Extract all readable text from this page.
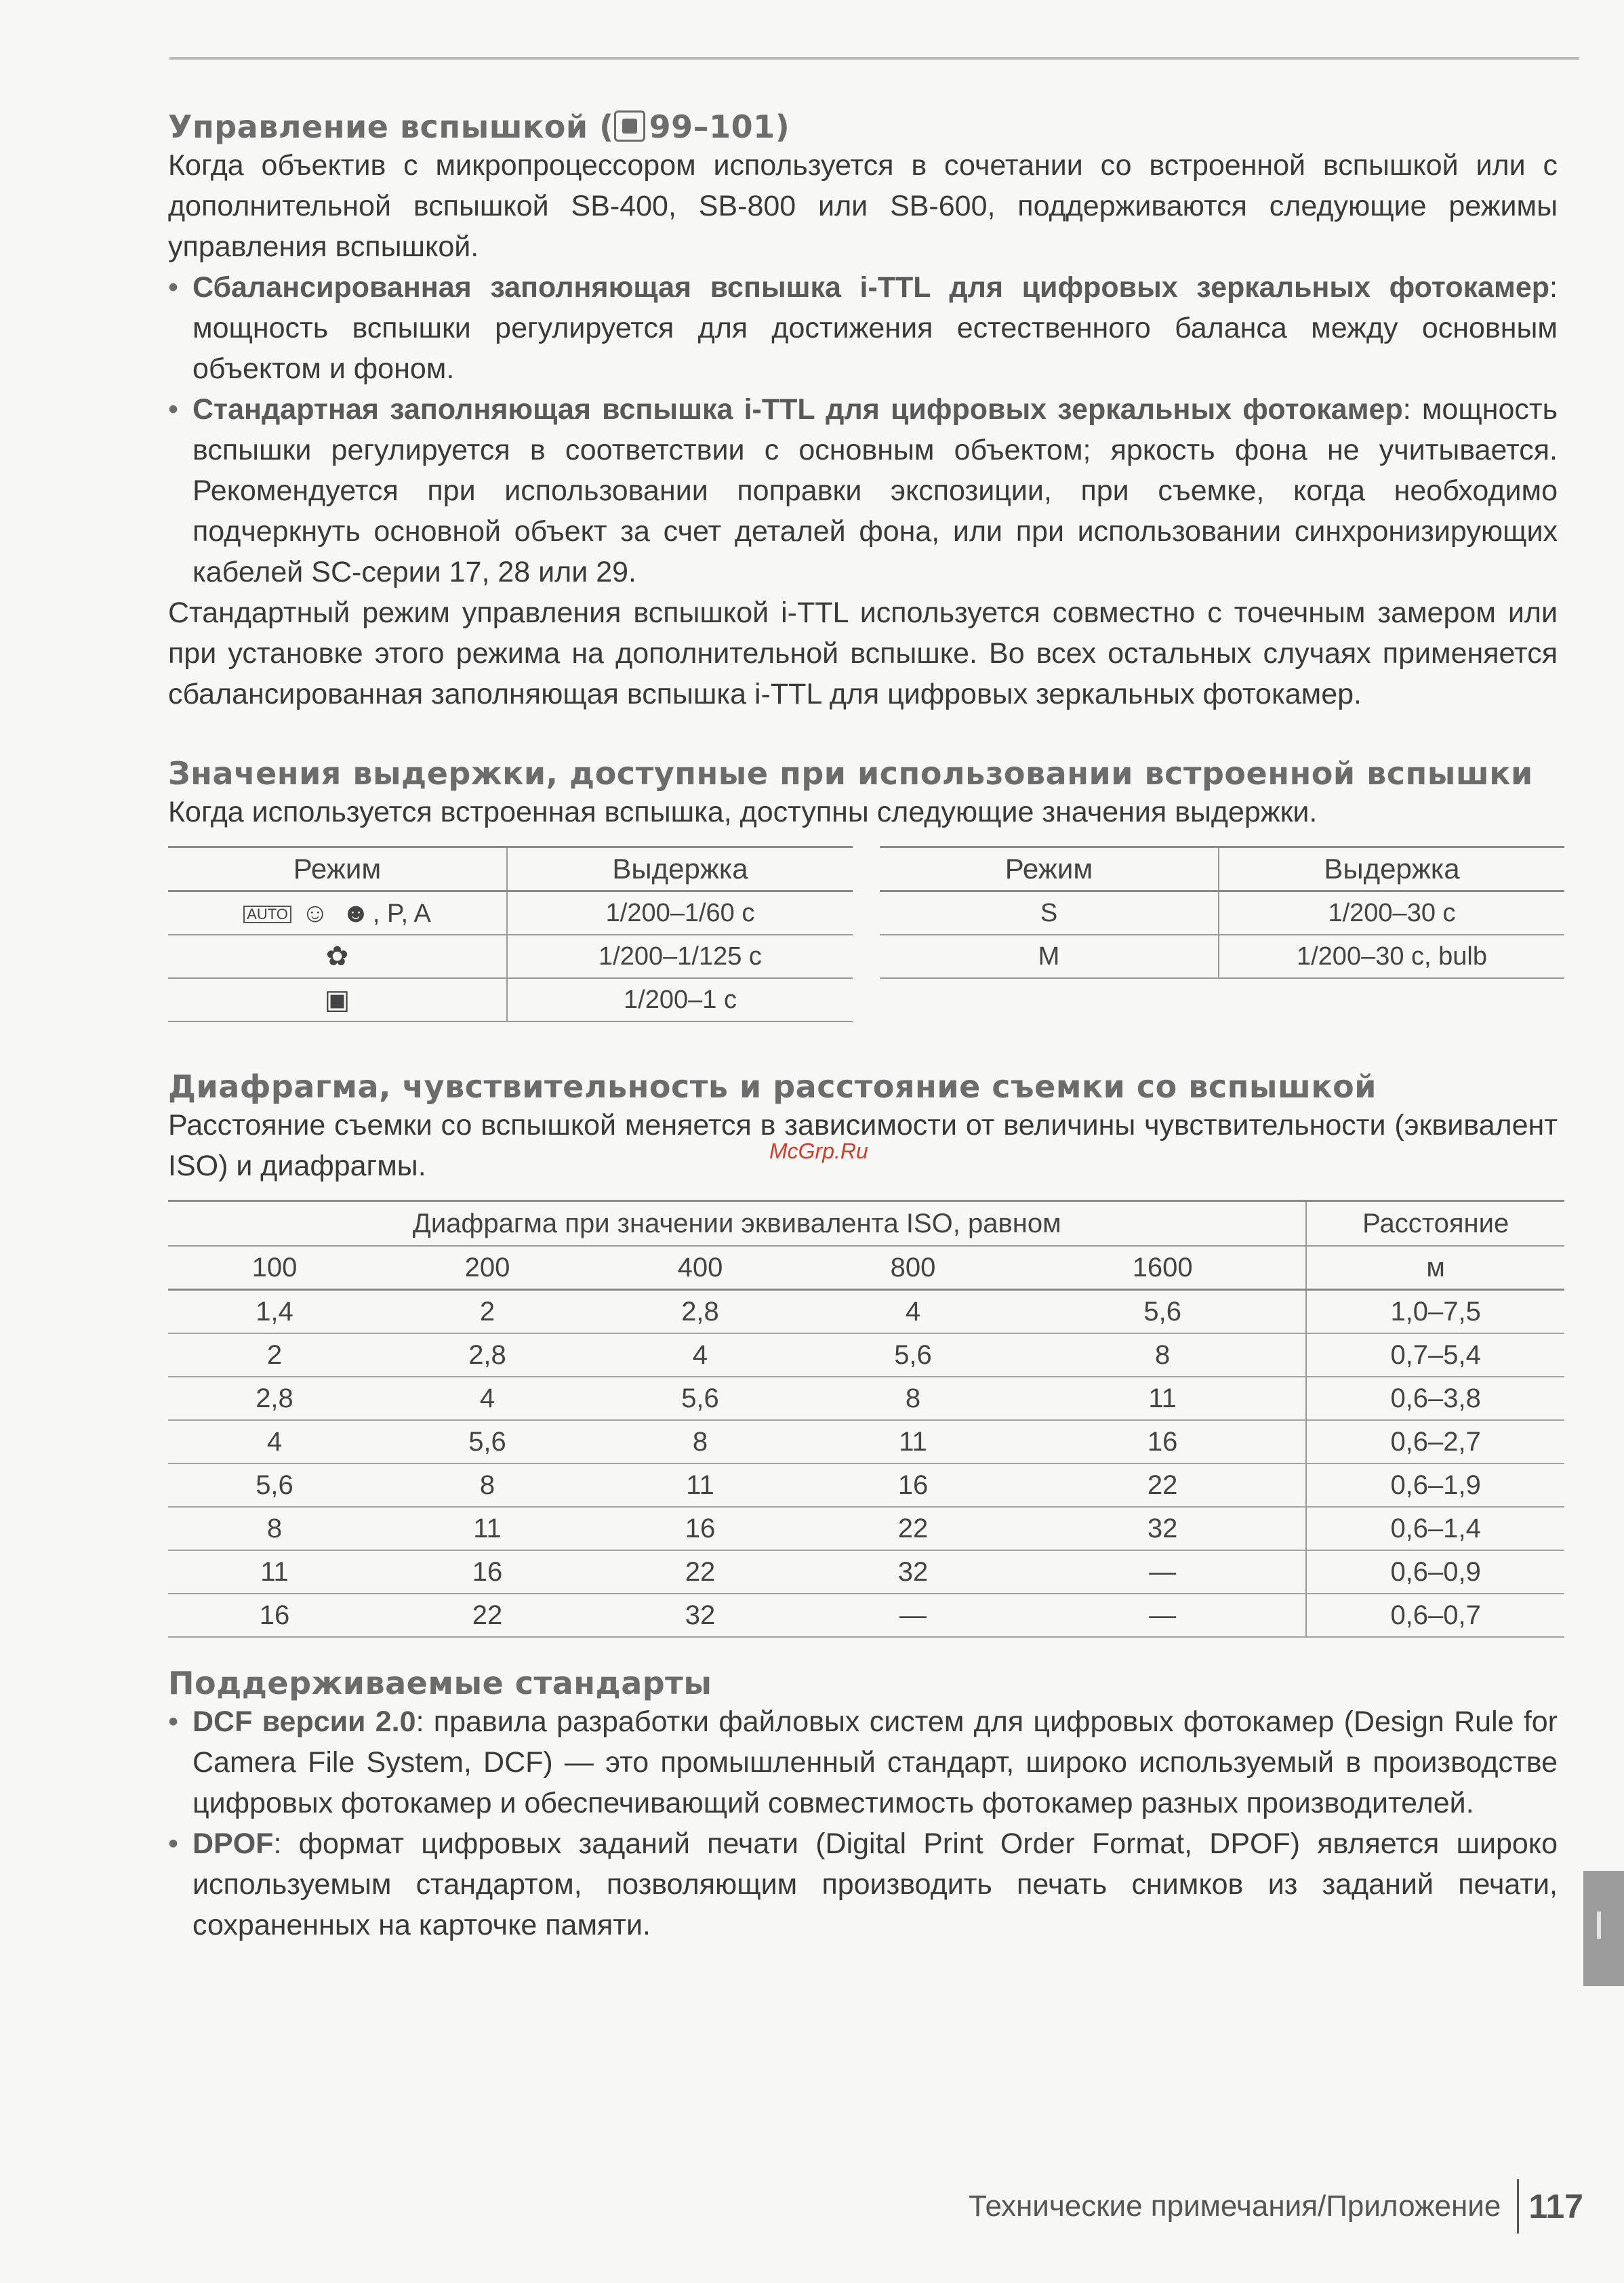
Управление вспышкой ( 99–101)

Когда объектив с микропроцессором используется в сочетании со встроенной вспышкой или с дополнительной вспышкой SB-400, SB-800 или SB-600, поддерживаются следующие режимы управления вспышкой.

• Сбалансированная заполняющая вспышка i-TTL для цифровых зеркальных фотокамер: мощность вспышки регулируется для достижения естественного баланса между основным объектом и фоном.
• Стандартная заполняющая вспышка i-TTL для цифровых зеркальных фотокамер: мощность вспышки регулируется в соответствии с основным объектом; яркость фона не учитывается. Рекомендуется при использовании поправки экспозиции, при съемке, когда необходимо подчеркнуть основной объект за счет деталей фона, или при использовании синхронизирующих кабелей SC-серии 17, 28 или 29.

Стандартный режим управления вспышкой i-TTL используется совместно с точечным замером или при установке этого режима на дополнительной вспышке. Во всех остальных случаях применяется сбалансированная заполняющая вспышка i-TTL для цифровых зеркальных фотокамер.

Значения выдержки, доступные при использовании встроенной вспышки

Когда используется встроенная вспышка, доступны следующие значения выдержки.

Режим	Выдержка
AUTO ☺ ☻ , P, A	1/200–1/60 с
✿	1/200–1/125 с
▣	1/200–1 с
Режим	Выдержка
S	1/200–30 с
M	1/200–30 с, bulb
Диафрагма, чувствительность и расстояние съемки со вспышкой

Расстояние съемки со вспышкой меняется в зависимости от величины чувствительности (эквивалент ISO) и диафрагмы.

Диафрагма при значении эквивалента ISO, равном					Расстояние
100	200	400	800	1600	м
1,4	2	2,8	4	5,6	1,0–7,5
2	2,8	4	5,6	8	0,7–5,4
2,8	4	5,6	8	11	0,6–3,8
4	5,6	8	11	16	0,6–2,7
5,6	8	11	16	22	0,6–1,9
8	11	16	22	32	0,6–1,4
11	16	22	32	—	0,6–0,9
16	22	32	—	—	0,6–0,7
Поддерживаемые стандарты
• DCF версии 2.0: правила разработки файловых систем для цифровых фотокамер (Design Rule for Camera File System, DCF) — это промышленный стандарт, широко используемый в производстве цифровых фотокамер и обеспечивающий совместимость фотокамер разных производителей.
• DPOF: формат цифровых заданий печати (Digital Print Order Format, DPOF) является широко используемым стандартом, позволяющим производить печать снимков из заданий печати, сохраненных на карточке памяти.
McGrp.Ru
Технические примечания/Приложение 117
